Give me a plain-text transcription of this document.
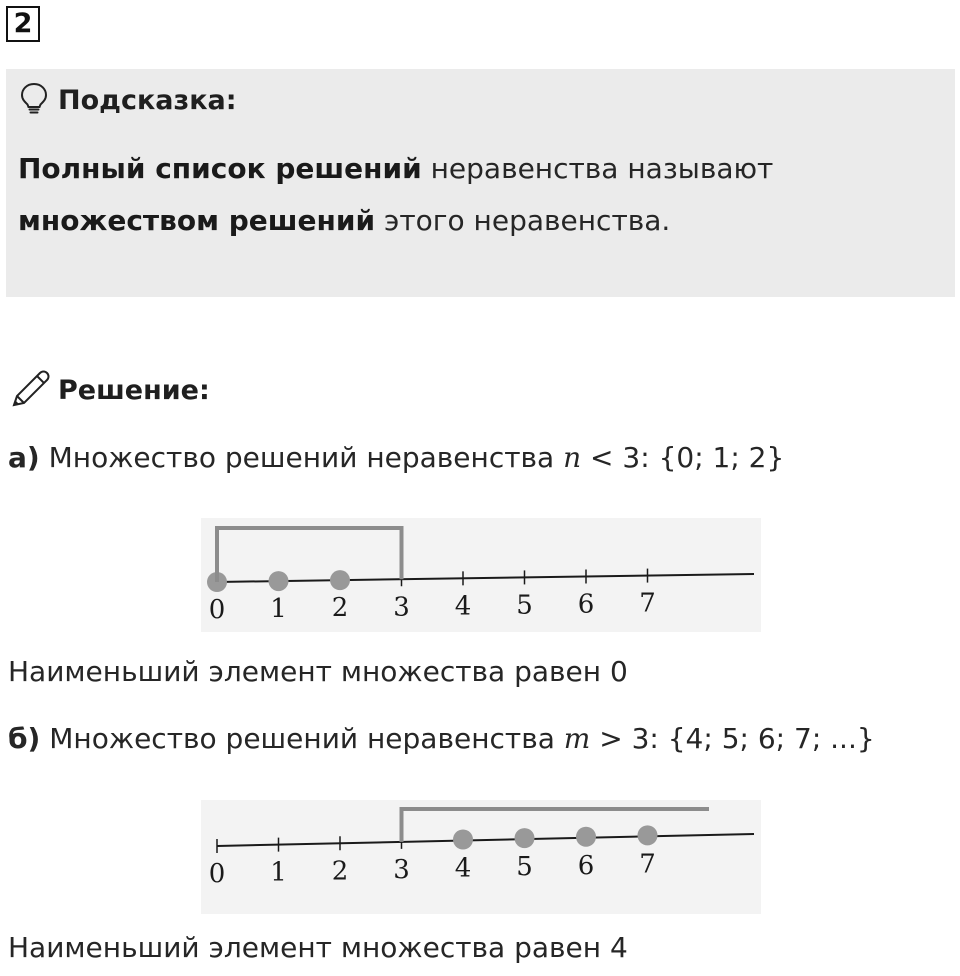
2
Подсказка:
Полный список решений неравенства называют
множеством решений этого неравенства.
Решение:
а) Множество решений неравенства n < 3: {0; 1; 2}
0 1 2 3 4 5 6 7
Наименьший элемент множества равен 0
б) Множество решений неравенства m > 3: {4; 5; 6; 7; ...}
0 1 2 3 4 5 6 7
Наименьший элемент множества равен 4
